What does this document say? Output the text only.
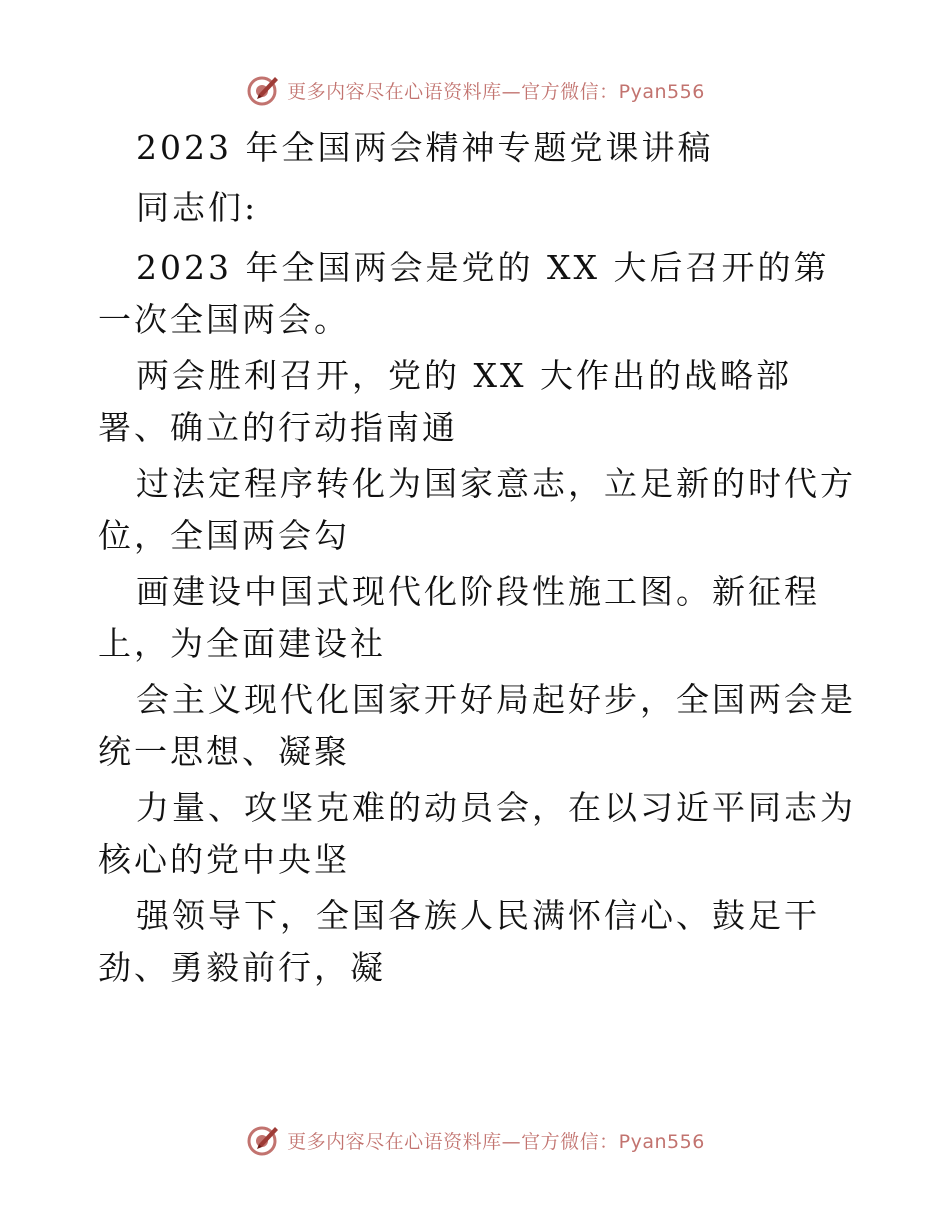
更多内容尽在心语资料库—官方微信：Pyan556

2023 年全国两会精神专题党课讲稿

同志们:

2023 年全国两会是党的 XX 大后召开的第一次全国两会。

两会胜利召开，党的 XX 大作出的战略部署、确立的行动指南通

过法定程序转化为国家意志，立足新的时代方位，全国两会勾

画建设中国式现代化阶段性施工图。新征程上，为全面建设社

会主义现代化国家开好局起好步，全国两会是统一思想、凝聚

力量、攻坚克难的动员会，在以习近平同志为核心的党中央坚

强领导下，全国各族人民满怀信心、鼓足干劲、勇毅前行，凝

更多内容尽在心语资料库—官方微信：Pyan556
